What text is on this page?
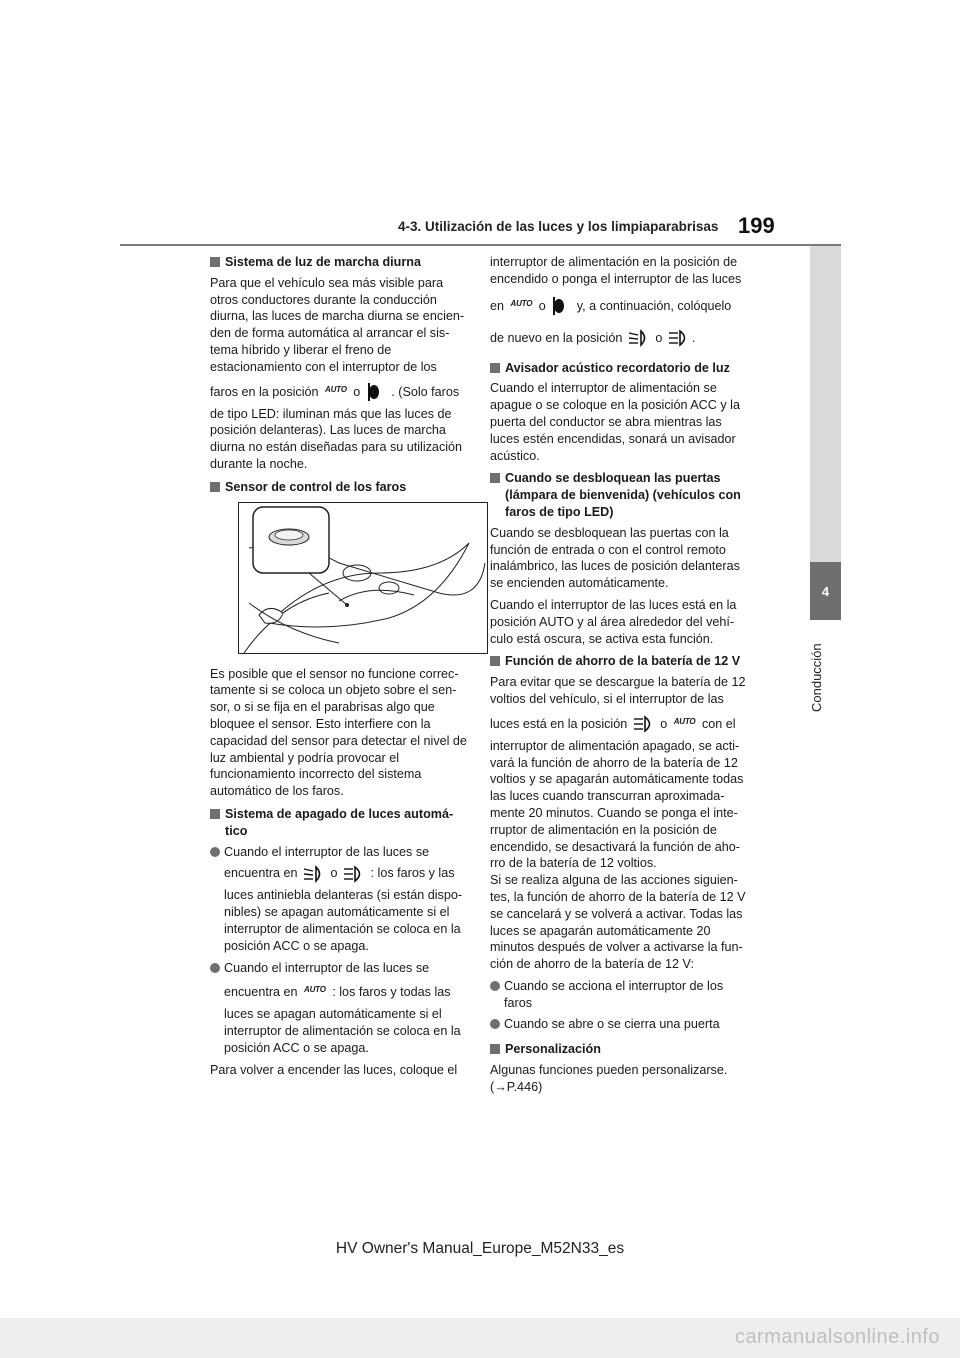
4-3. Utilización de las luces y los limpiaparabrisas 199
4
Conducción
Sistema de luz de marcha diurna

Para que el vehículo sea más visible para otros conductores durante la conducción diurna, las luces de marcha diurna se encien-den de forma automática al arrancar el sis-tema híbrido y liberar el freno de estacionamiento con el interruptor de los

faros en la posición $^{AUTO}$ o . (Solo faros

de tipo LED: iluminan más que las luces de posición delanteras). Las luces de marcha diurna no están diseñadas para su utilización durante la noche.

Sensor de control de los faros

Es posible que el sensor no funcione correc-tamente si se coloca un objeto sobre el sen-sor, o si se fija en el parabrisas algo que bloquee el sensor. Esto interfiere con la capacidad del sensor para detectar el nivel de luz ambiental y podría provocar el funcionamiento incorrecto del sistema automático de los faros.

Sistema de apagado de luces automá-tico
Cuando el interruptor de las luces se
encuentra en	o	: los faros y las
luces antiniebla delanteras (si están dispo-nibles) se apagan automáticamente si el interruptor de alimentación se coloca en la posición ACC o se apaga.
Cuando el interruptor de las luces se
encuentra en $^{AUTO}$ : los faros y todas las
luces se apagan automáticamente si el interruptor de alimentación se coloca en la posición ACC o se apaga.

Para volver a encender las luces, coloque el

interruptor de alimentación en la posición de encendido o ponga el interruptor de las luces

en $^{AUTO}$ o y, a continuación, colóquelo

de nuevo en la posición	o .

Avisador acústico recordatorio de luz

Cuando el interruptor de alimentación se apague o se coloque en la posición ACC y la puerta del conductor se abra mientras las luces estén encendidas, sonará un avisador acústico.

Cuando se desbloquean las puertas (lámpara de bienvenida) (vehículos con faros de tipo LED)

Cuando se desbloquean las puertas con la función de entrada o con el control remoto inalámbrico, las luces de posición delanteras se encienden automáticamente.

Cuando el interruptor de las luces está en la posición AUTO y al área alrededor del vehí-culo está oscura, se activa esta función.

Función de ahorro de la batería de 12 V

Para evitar que se descargue la batería de 12 voltios del vehículo, si el interruptor de las

luces está en la posición	o $^{AUTO}$ con el

interruptor de alimentación apagado, se acti-vará la función de ahorro de la batería de 12 voltios y se apagarán automáticamente todas las luces cuando transcurran aproximada-mente 20 minutos. Cuando se ponga el inte-rruptor de alimentación en la posición de encendido, se desactivará la función de aho-rro de la batería de 12 voltios.

Si se realiza alguna de las acciones siguien-tes, la función de ahorro de la batería de 12 V se cancelará y se volverá a activar. Todas las luces se apagarán automáticamente 20 minutos después de volver a activarse la fun-ción de ahorro de la batería de 12 V:

Cuando se acciona el interruptor de los faros
Cuando se abre o se cierra una puerta
Personalización

Algunas funciones pueden personalizarse. (→P.446)

HV Owner's Manual_Europe_M52N33_es
carmanualsonline.info
